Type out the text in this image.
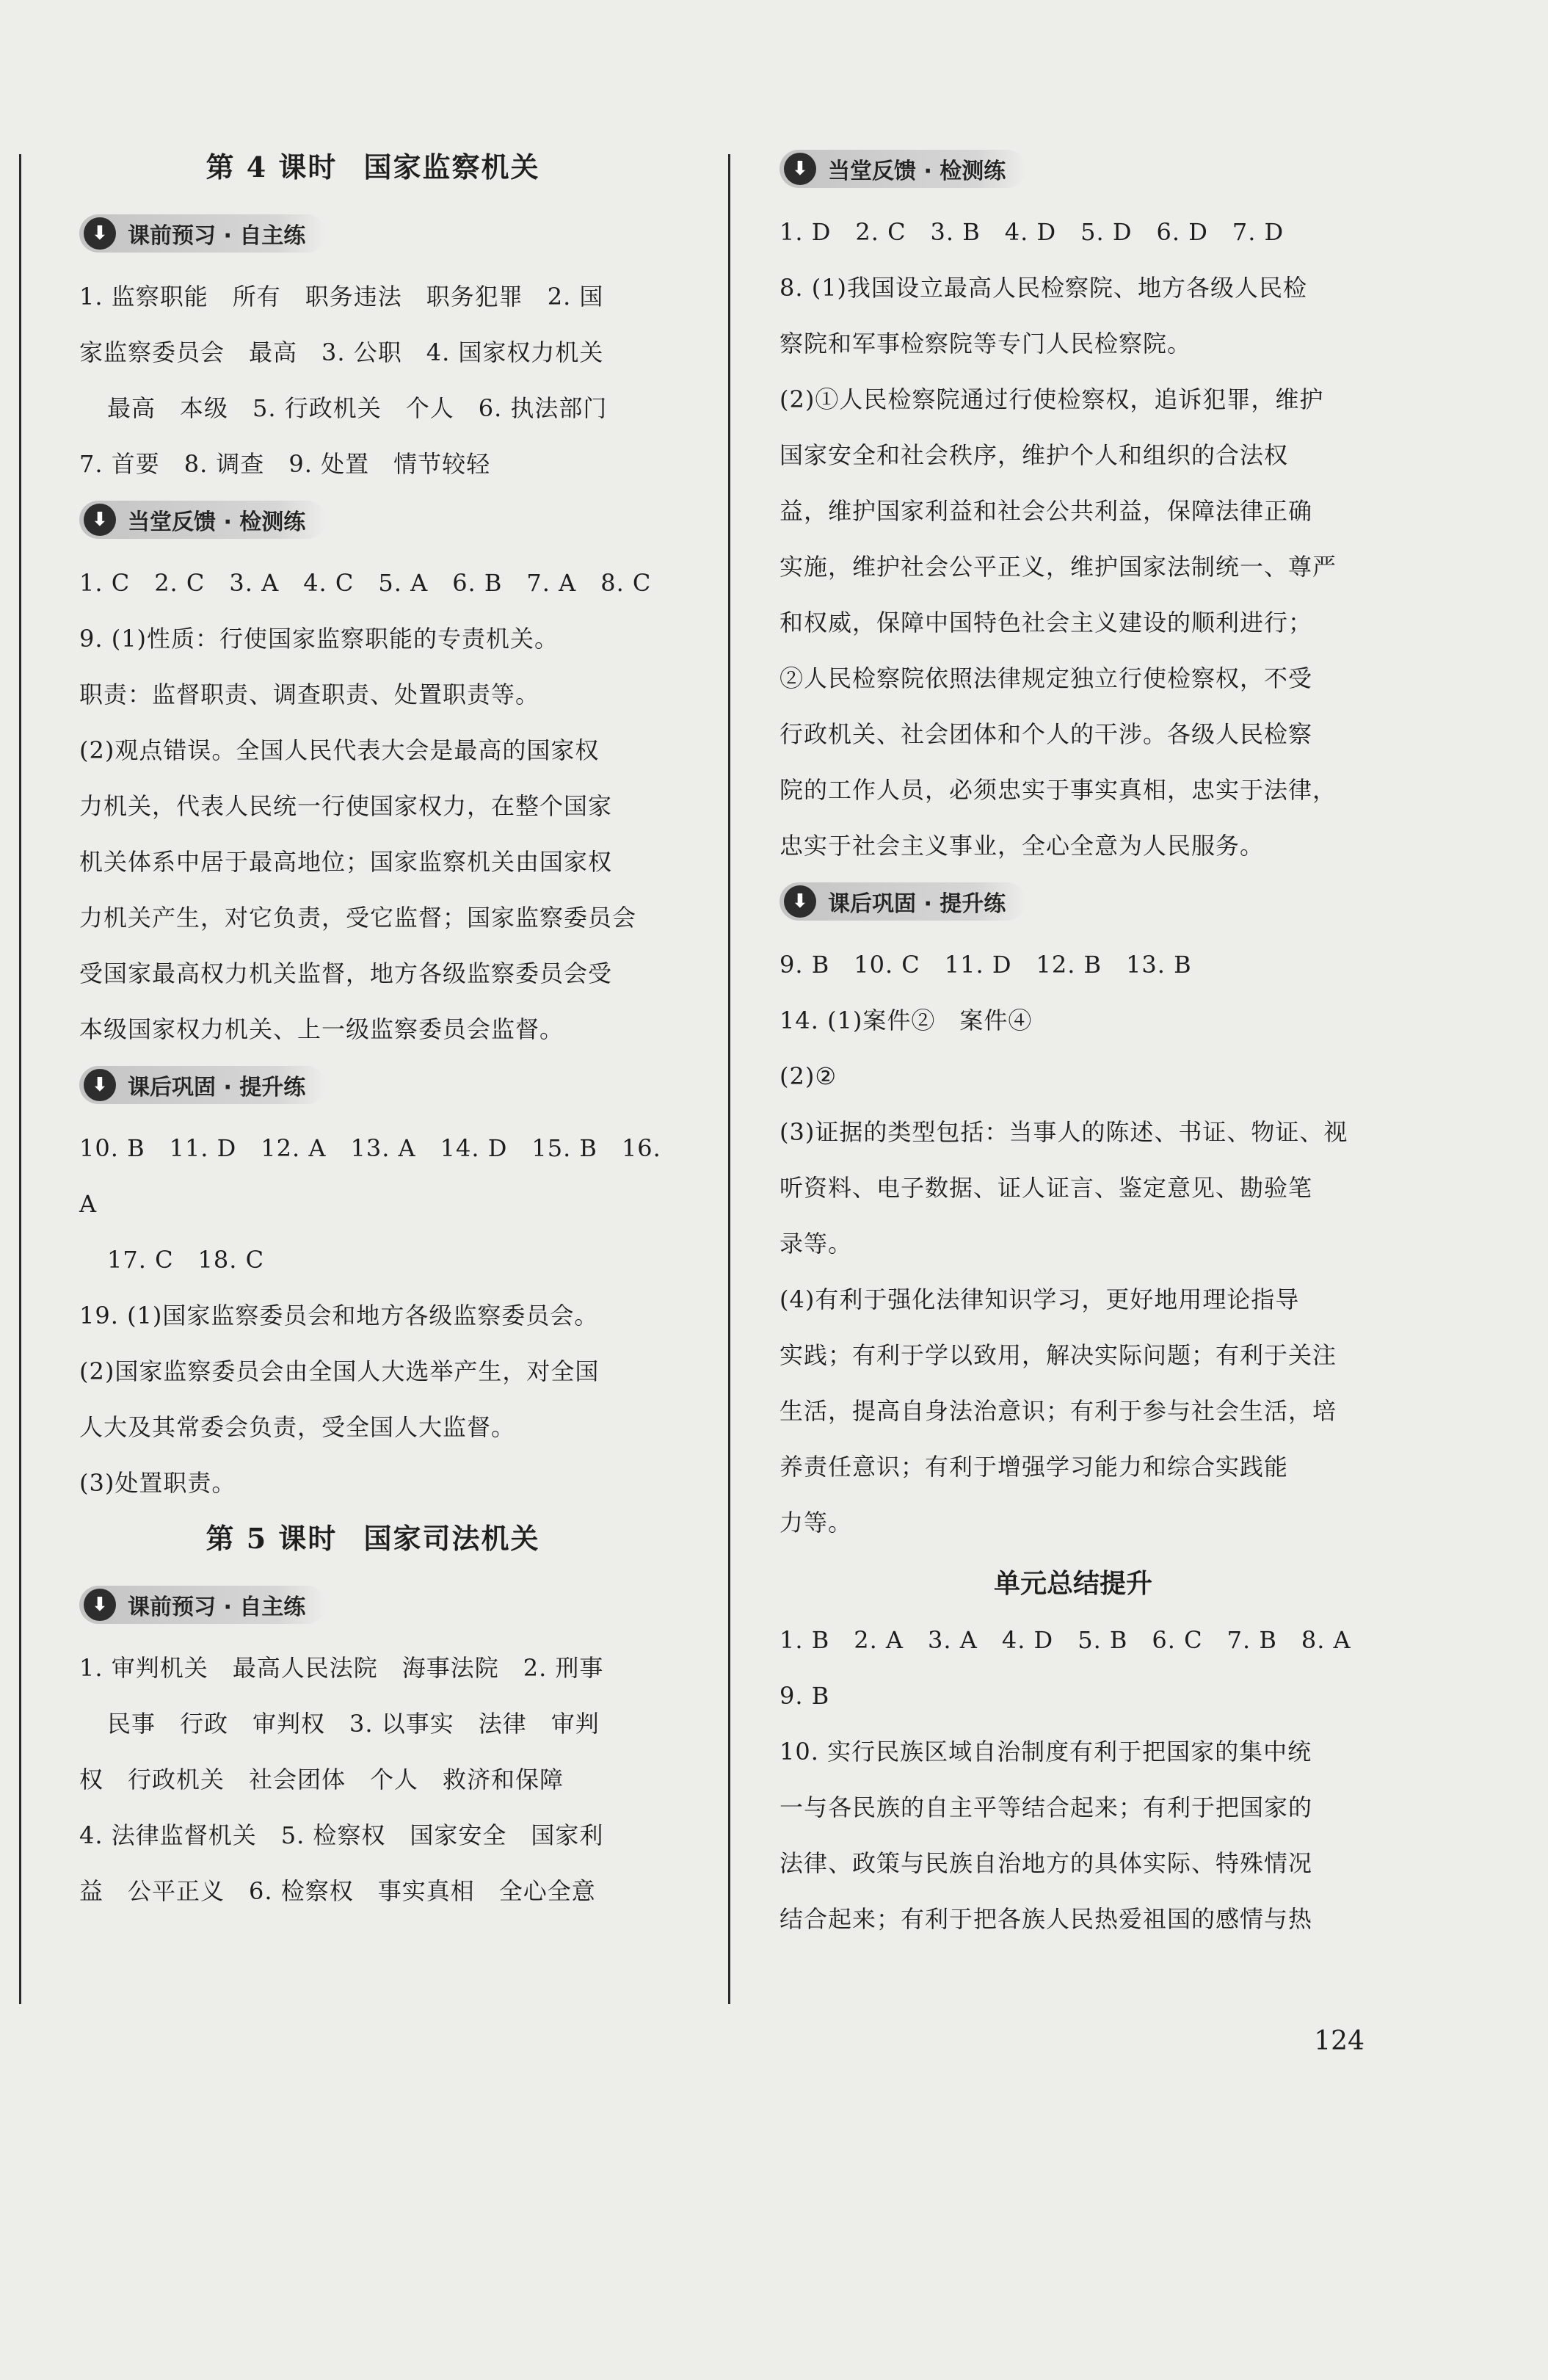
第 4 课时 国家监察机关
⬇ 课前预习 · 自主练

1. 监察职能　所有　职务违法　职务犯罪　2. 国

家监察委员会　最高　3. 公职　4. 国家权力机关

最高　本级　5. 行政机关　个人　6. 执法部门

7. 首要　8. 调查　9. 处置　情节较轻

⬇ 当堂反馈 · 检测练

1. C　2. C　3. A　4. C　5. A　6. B　7. A　8. C

9. (1)性质：行使国家监察职能的专责机关。

职责：监督职责、调查职责、处置职责等。

(2)观点错误。全国人民代表大会是最高的国家权

力机关，代表人民统一行使国家权力，在整个国家

机关体系中居于最高地位；国家监察机关由国家权

力机关产生，对它负责，受它监督；国家监察委员会

受国家最高权力机关监督，地方各级监察委员会受

本级国家权力机关、上一级监察委员会监督。

⬇ 课后巩固 · 提升练

10. B　11. D　12. A　13. A　14. D　15. B　16. A

17. C　18. C

19. (1)国家监察委员会和地方各级监察委员会。

(2)国家监察委员会由全国人大选举产生，对全国

人大及其常委会负责，受全国人大监督。

(3)处置职责。

第 5 课时 国家司法机关
⬇ 课前预习 · 自主练

1. 审判机关　最高人民法院　海事法院　2. 刑事

民事　行政　审判权　3. 以事实　法律　审判

权　行政机关　社会团体　个人　救济和保障

4. 法律监督机关　5. 检察权　国家安全　国家利

益　公平正义　6. 检察权　事实真相　全心全意

⬇ 当堂反馈 · 检测练

1. D　2. C　3. B　4. D　5. D　6. D　7. D

8. (1)我国设立最高人民检察院、地方各级人民检

察院和军事检察院等专门人民检察院。

(2)①人民检察院通过行使检察权，追诉犯罪，维护

国家安全和社会秩序，维护个人和组织的合法权

益，维护国家利益和社会公共利益，保障法律正确

实施，维护社会公平正义，维护国家法制统一、尊严

和权威，保障中国特色社会主义建设的顺利进行；

②人民检察院依照法律规定独立行使检察权，不受

行政机关、社会团体和个人的干涉。各级人民检察

院的工作人员，必须忠实于事实真相，忠实于法律，

忠实于社会主义事业，全心全意为人民服务。

⬇ 课后巩固 · 提升练

9. B　10. C　11. D　12. B　13. B

14. (1)案件②　案件④

(2)②

(3)证据的类型包括：当事人的陈述、书证、物证、视

听资料、电子数据、证人证言、鉴定意见、勘验笔

录等。

(4)有利于强化法律知识学习，更好地用理论指导

实践；有利于学以致用，解决实际问题；有利于关注

生活，提高自身法治意识；有利于参与社会生活，培

养责任意识；有利于增强学习能力和综合实践能

力等。

单元总结提升

1. B　2. A　3. A　4. D　5. B　6. C　7. B　8. A

9. B

10. 实行民族区域自治制度有利于把国家的集中统

一与各民族的自主平等结合起来；有利于把国家的

法律、政策与民族自治地方的具体实际、特殊情况

结合起来；有利于把各族人民热爱祖国的感情与热

124
